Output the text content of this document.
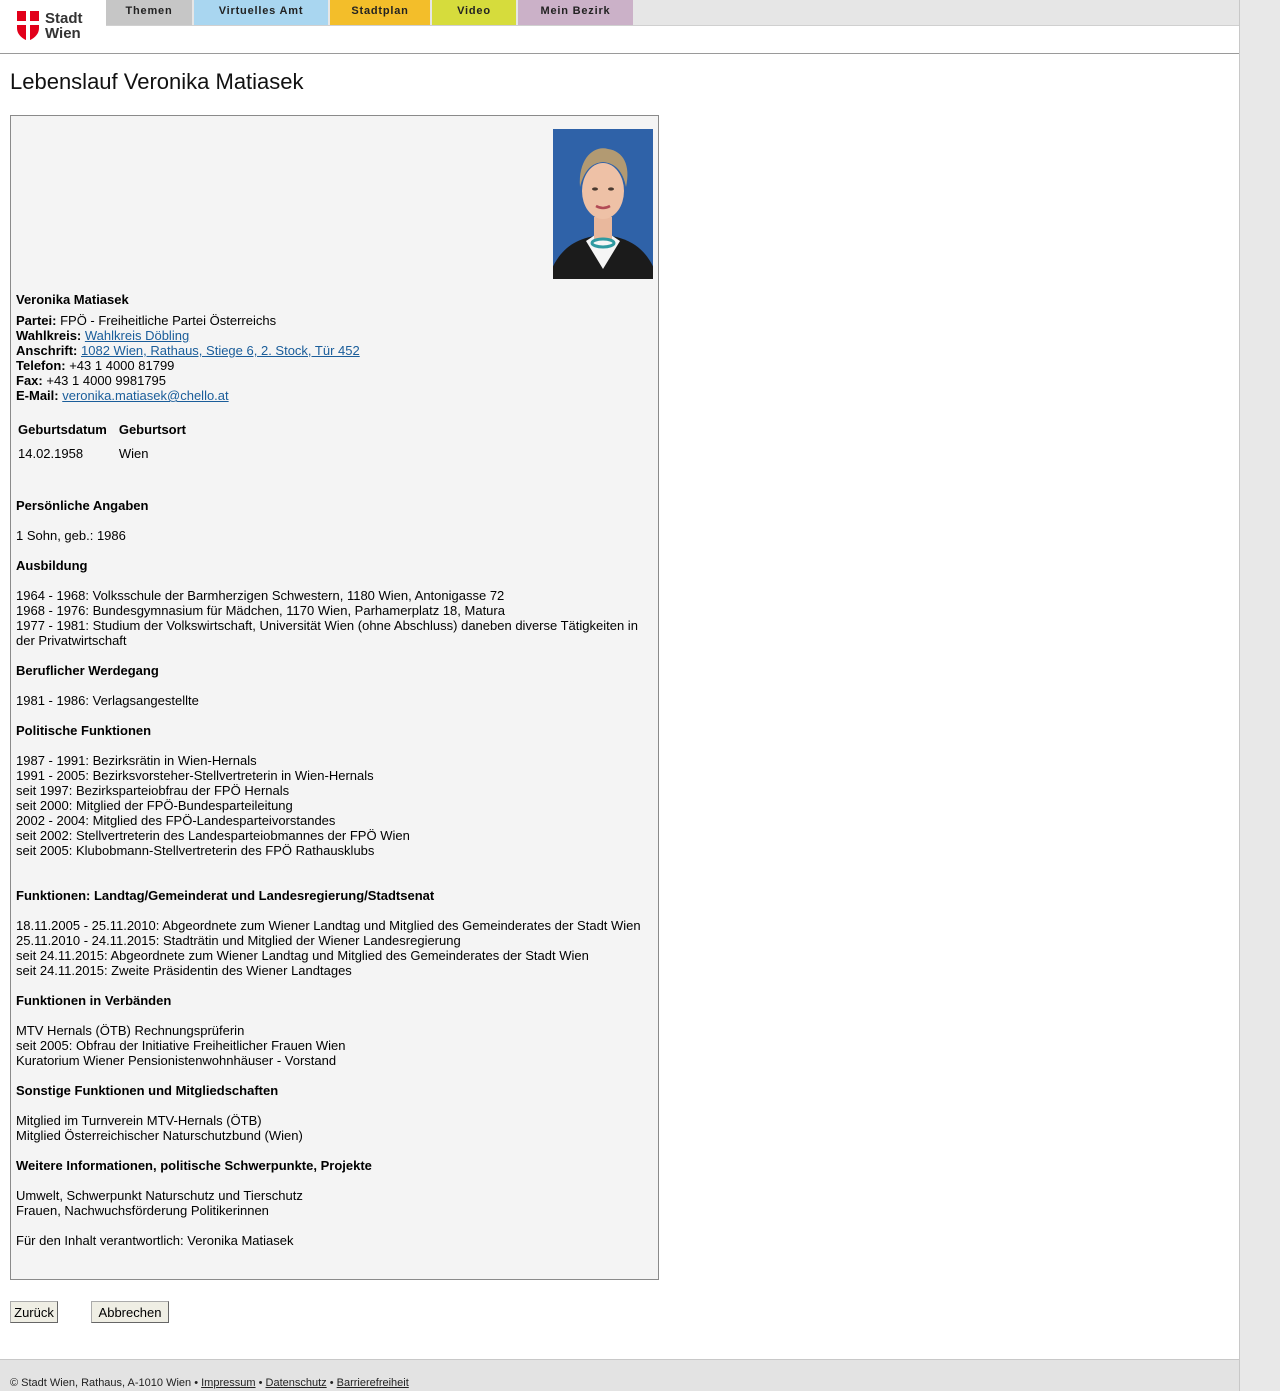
Stadt
Wien
Themen	Virtuelles Amt	Stadtplan	Video	Mein Bezirk
Lebenslauf Veronika Matiasek
Veronika Matiasek
Partei: FPÖ - Freiheitliche Partei Österreichs
Wahlkreis: Wahlkreis Döbling
Anschrift: 1082 Wien, Rathaus, Stiege 6, 2. Stock, Tür 452
Telefon: +43 1 4000 81799
Fax: +43 1 4000 9981795
E-Mail: veronika.matiasek@chello.at
Geburtsdatum	Geburtsort
14.02.1958	Wien
Persönliche Angaben
1 Sohn, geb.: 1986
Ausbildung
1964 - 1968: Volksschule der Barmherzigen Schwestern, 1180 Wien, Antonigasse 72
1968 - 1976: Bundesgymnasium für Mädchen, 1170 Wien, Parhamerplatz 18, Matura
1977 - 1981: Studium der Volkswirtschaft, Universität Wien (ohne Abschluss) daneben diverse Tätigkeiten in der Privatwirtschaft
Beruflicher Werdegang
1981 - 1986: Verlagsangestellte
Politische Funktionen
1987 - 1991: Bezirksrätin in Wien-Hernals
1991 - 2005: Bezirksvorsteher-Stellvertreterin in Wien-Hernals
seit 1997: Bezirksparteiobfrau der FPÖ Hernals
seit 2000: Mitglied der FPÖ-Bundesparteileitung
2002 - 2004: Mitglied des FPÖ-Landesparteivorstandes
seit 2002: Stellvertreterin des Landesparteiobmannes der FPÖ Wien
seit 2005: Klubobmann-Stellvertreterin des FPÖ Rathausklubs
Funktionen: Landtag/Gemeinderat und Landesregierung/Stadtsenat
18.11.2005 - 25.11.2010: Abgeordnete zum Wiener Landtag und Mitglied des Gemeinderates der Stadt Wien
25.11.2010 - 24.11.2015: Stadträtin und Mitglied der Wiener Landesregierung
seit 24.11.2015: Abgeordnete zum Wiener Landtag und Mitglied des Gemeinderates der Stadt Wien
seit 24.11.2015: Zweite Präsidentin des Wiener Landtages
Funktionen in Verbänden
MTV Hernals (ÖTB) Rechnungsprüferin
seit 2005: Obfrau der Initiative Freiheitlicher Frauen Wien
Kuratorium Wiener Pensionistenwohnhäuser - Vorstand
Sonstige Funktionen und Mitgliedschaften
Mitglied im Turnverein MTV-Hernals (ÖTB)
Mitglied Österreichischer Naturschutzbund (Wien)
Weitere Informationen, politische Schwerpunkte, Projekte
Umwelt, Schwerpunkt Naturschutz und Tierschutz
Frauen, Nachwuchsförderung Politikerinnen
Für den Inhalt verantwortlich: Veronika Matiasek
Zurück	Abbrechen
© Stadt Wien, Rathaus, A-1010 Wien • Impressum • Datenschutz • Barrierefreiheit
